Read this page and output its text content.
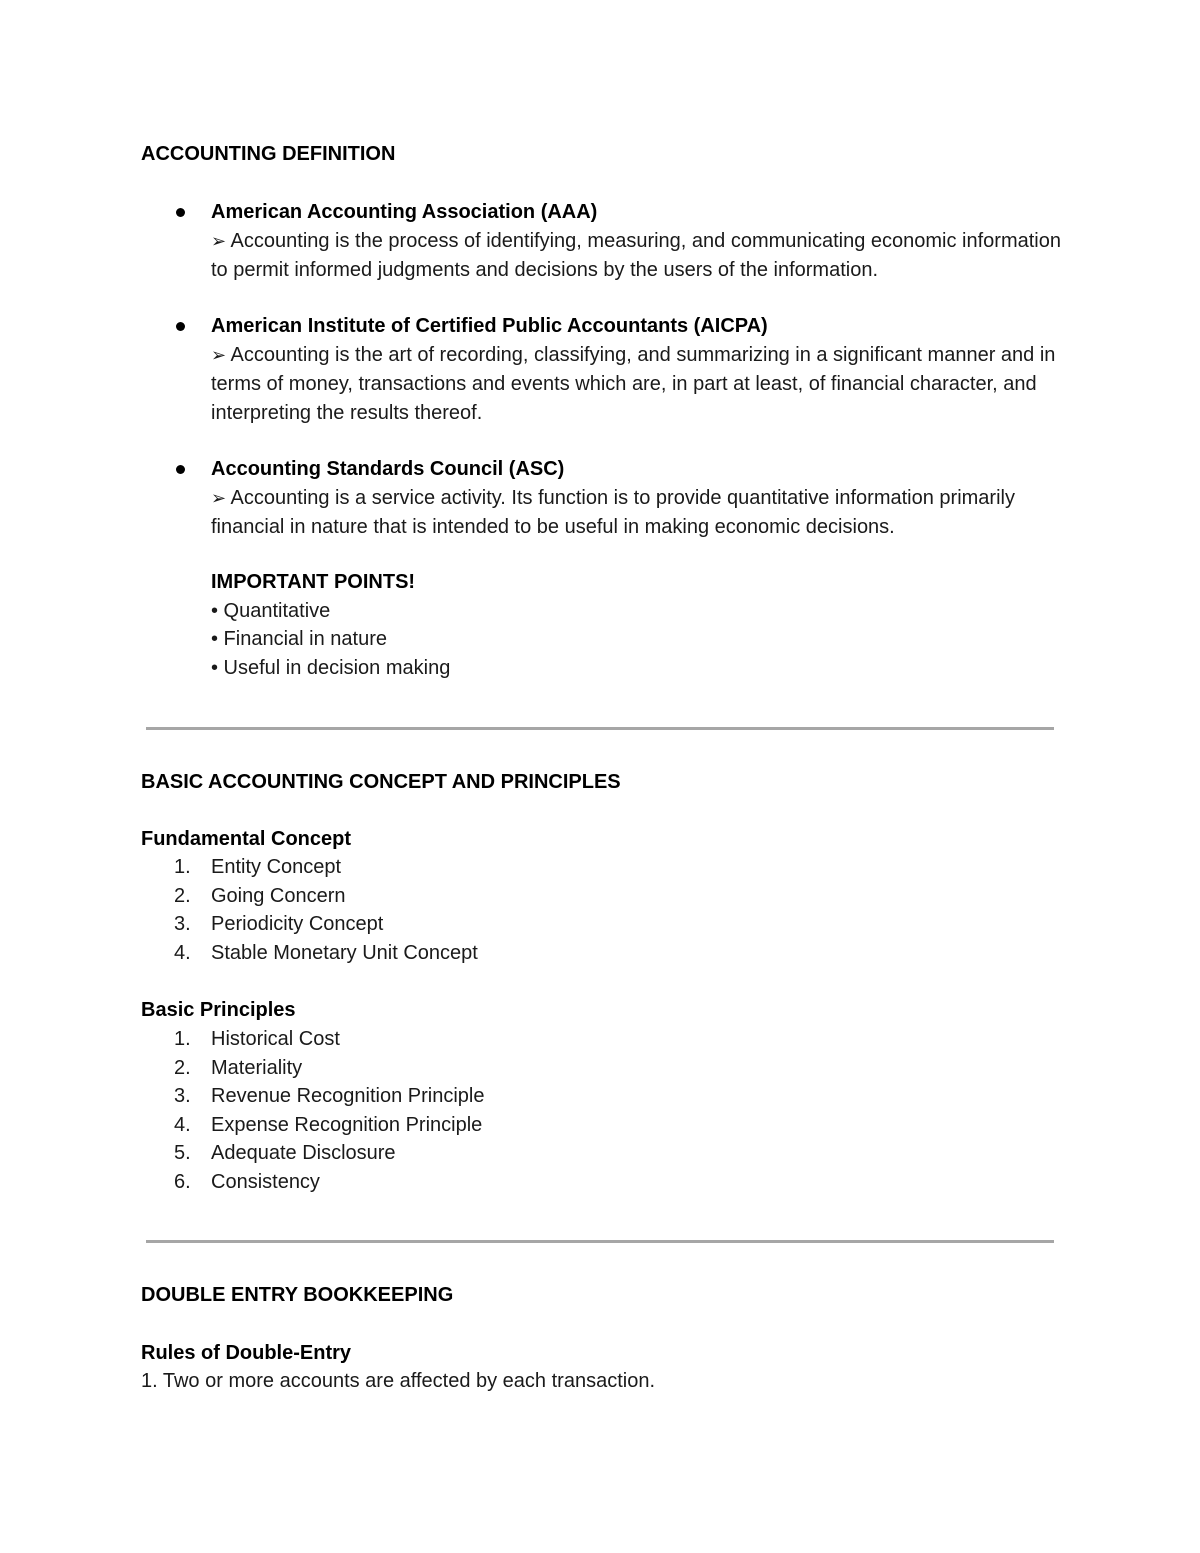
ACCOUNTING DEFINITION
American Accounting Association (AAA)
➢ Accounting is the process of identifying, measuring, and communicating economic information to permit informed judgments and decisions by the users of the information.
American Institute of Certified Public Accountants (AICPA)
➢ Accounting is the art of recording, classifying, and summarizing in a significant manner and in terms of money, transactions and events which are, in part at least, of financial character, and interpreting the results thereof.
Accounting Standards Council (ASC)
➢ Accounting is a service activity. Its function is to provide quantitative information primarily financial in nature that is intended to be useful in making economic decisions.
IMPORTANT POINTS!
• Quantitative
• Financial in nature
• Useful in decision making
BASIC ACCOUNTING CONCEPT AND PRINCIPLES
Fundamental Concept
1.	Entity Concept
2.	Going Concern
3.	Periodicity Concept
4.	Stable Monetary Unit Concept
Basic Principles
1.	Historical Cost
2.	Materiality
3.	Revenue Recognition Principle
4.	Expense Recognition Principle
5.	Adequate Disclosure
6.	Consistency
DOUBLE ENTRY BOOKKEEPING
Rules of Double-Entry
1. Two or more accounts are affected by each transaction.
